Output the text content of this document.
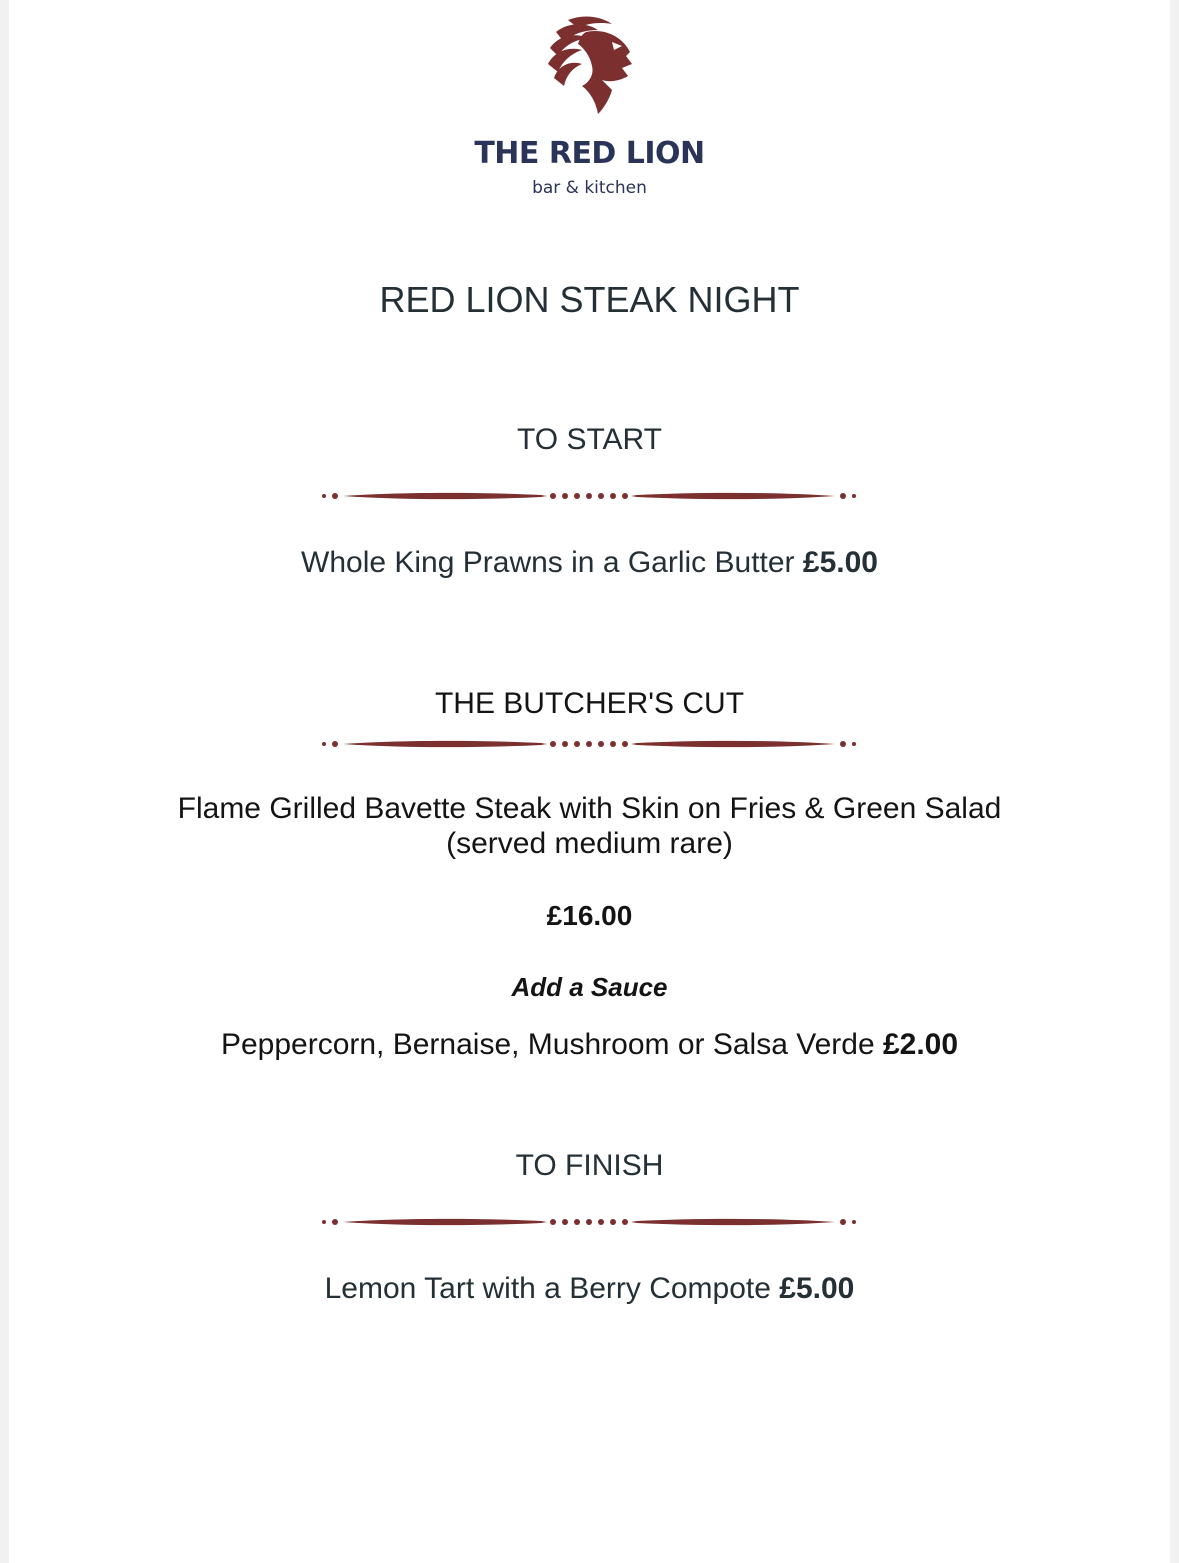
THE RED LION
bar & kitchen
RED LION STEAK NIGHT
TO START
Whole King Prawns in a Garlic Butter £5.00
THE BUTCHER'S CUT
Flame Grilled Bavette Steak with Skin on Fries & Green Salad
(served medium rare)
£16.00
Add a Sauce
Peppercorn, Bernaise, Mushroom or Salsa Verde £2.00
TO FINISH
Lemon Tart with a Berry Compote £5.00
